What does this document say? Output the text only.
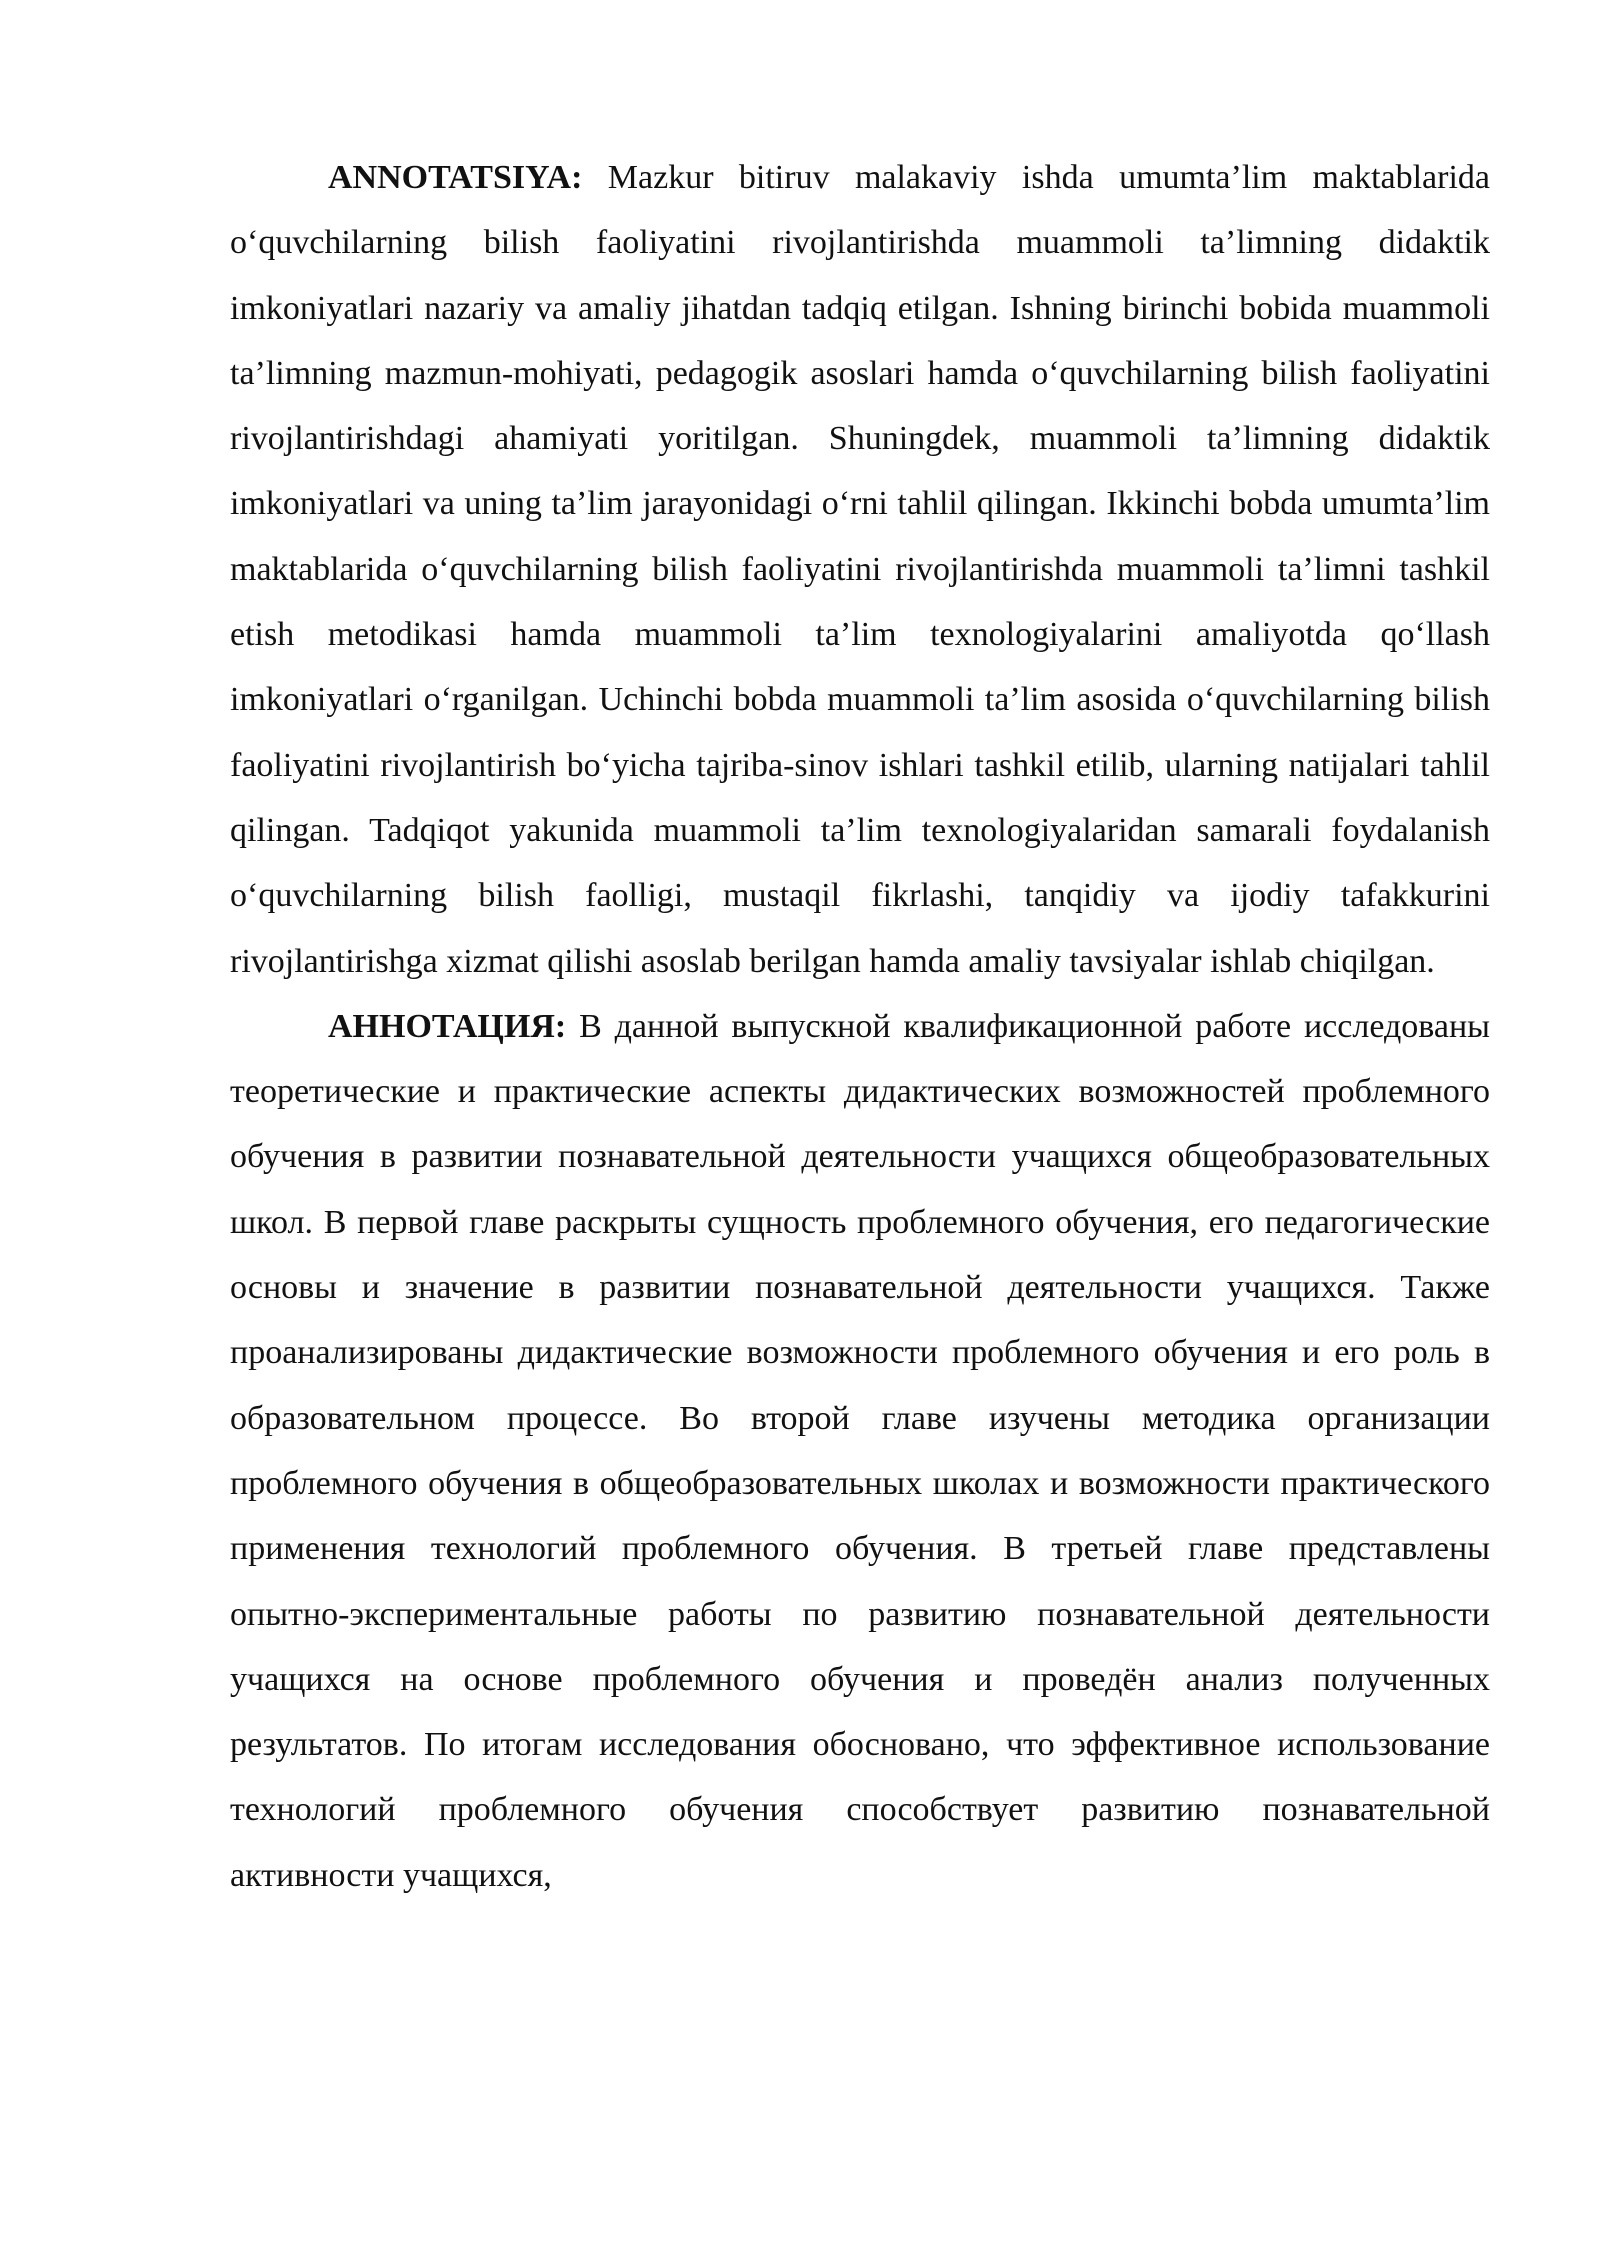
ANNOTATSIYA: Mazkur bitiruv malakaviy ishda umumta’lim maktablarida o‘quvchilarning bilish faoliyatini rivojlantirishda muammoli ta’limning didaktik imkoniyatlari nazariy va amaliy jihatdan tadqiq etilgan. Ishning birinchi bobida muammoli ta’limning mazmun-mohiyati, pedagogik asoslari hamda o‘quvchilarning bilish faoliyatini rivojlantirishdagi ahamiyati yoritilgan. Shuningdek, muammoli ta’limning didaktik imkoniyatlari va uning ta’lim jarayonidagi o‘rni tahlil qilingan. Ikkinchi bobda umumta’lim maktablarida o‘quvchilarning bilish faoliyatini rivojlantirishda muammoli ta’limni tashkil etish metodikasi hamda muammoli ta’lim texnologiyalarini amaliyotda qo‘llash imkoniyatlari o‘rganilgan. Uchinchi bobda muammoli ta’lim asosida o‘quvchilarning bilish faoliyatini rivojlantirish bo‘yicha tajriba-sinov ishlari tashkil etilib, ularning natijalari tahlil qilingan. Tadqiqot yakunida muammoli ta’lim texnologiyalaridan samarali foydalanish o‘quvchilarning bilish faolligi, mustaqil fikrlashi, tanqidiy va ijodiy tafakkurini rivojlantirishga xizmat qilishi asoslab berilgan hamda amaliy tavsiyalar ishlab chiqilgan.

АННОТАЦИЯ: В данной выпускной квалификационной работе исследованы теоретические и практические аспекты дидактических возможностей проблемного обучения в развитии познавательной деятельности учащихся общеобразовательных школ. В первой главе раскрыты сущность проблемного обучения, его педагогические основы и значение в развитии познавательной деятельности учащихся. Также проанализированы дидактические возможности проблемного обучения и его роль в образовательном процессе. Во второй главе изучены методика организации проблемного обучения в общеобразовательных школах и возможности практического применения технологий проблемного обучения. В третьей главе представлены опытно-экспериментальные работы по развитию познавательной деятельности учащихся на основе проблемного обучения и проведён анализ полученных результатов. По итогам исследования обосновано, что эффективное использование технологий проблемного обучения способствует развитию познавательной активности учащихся,
